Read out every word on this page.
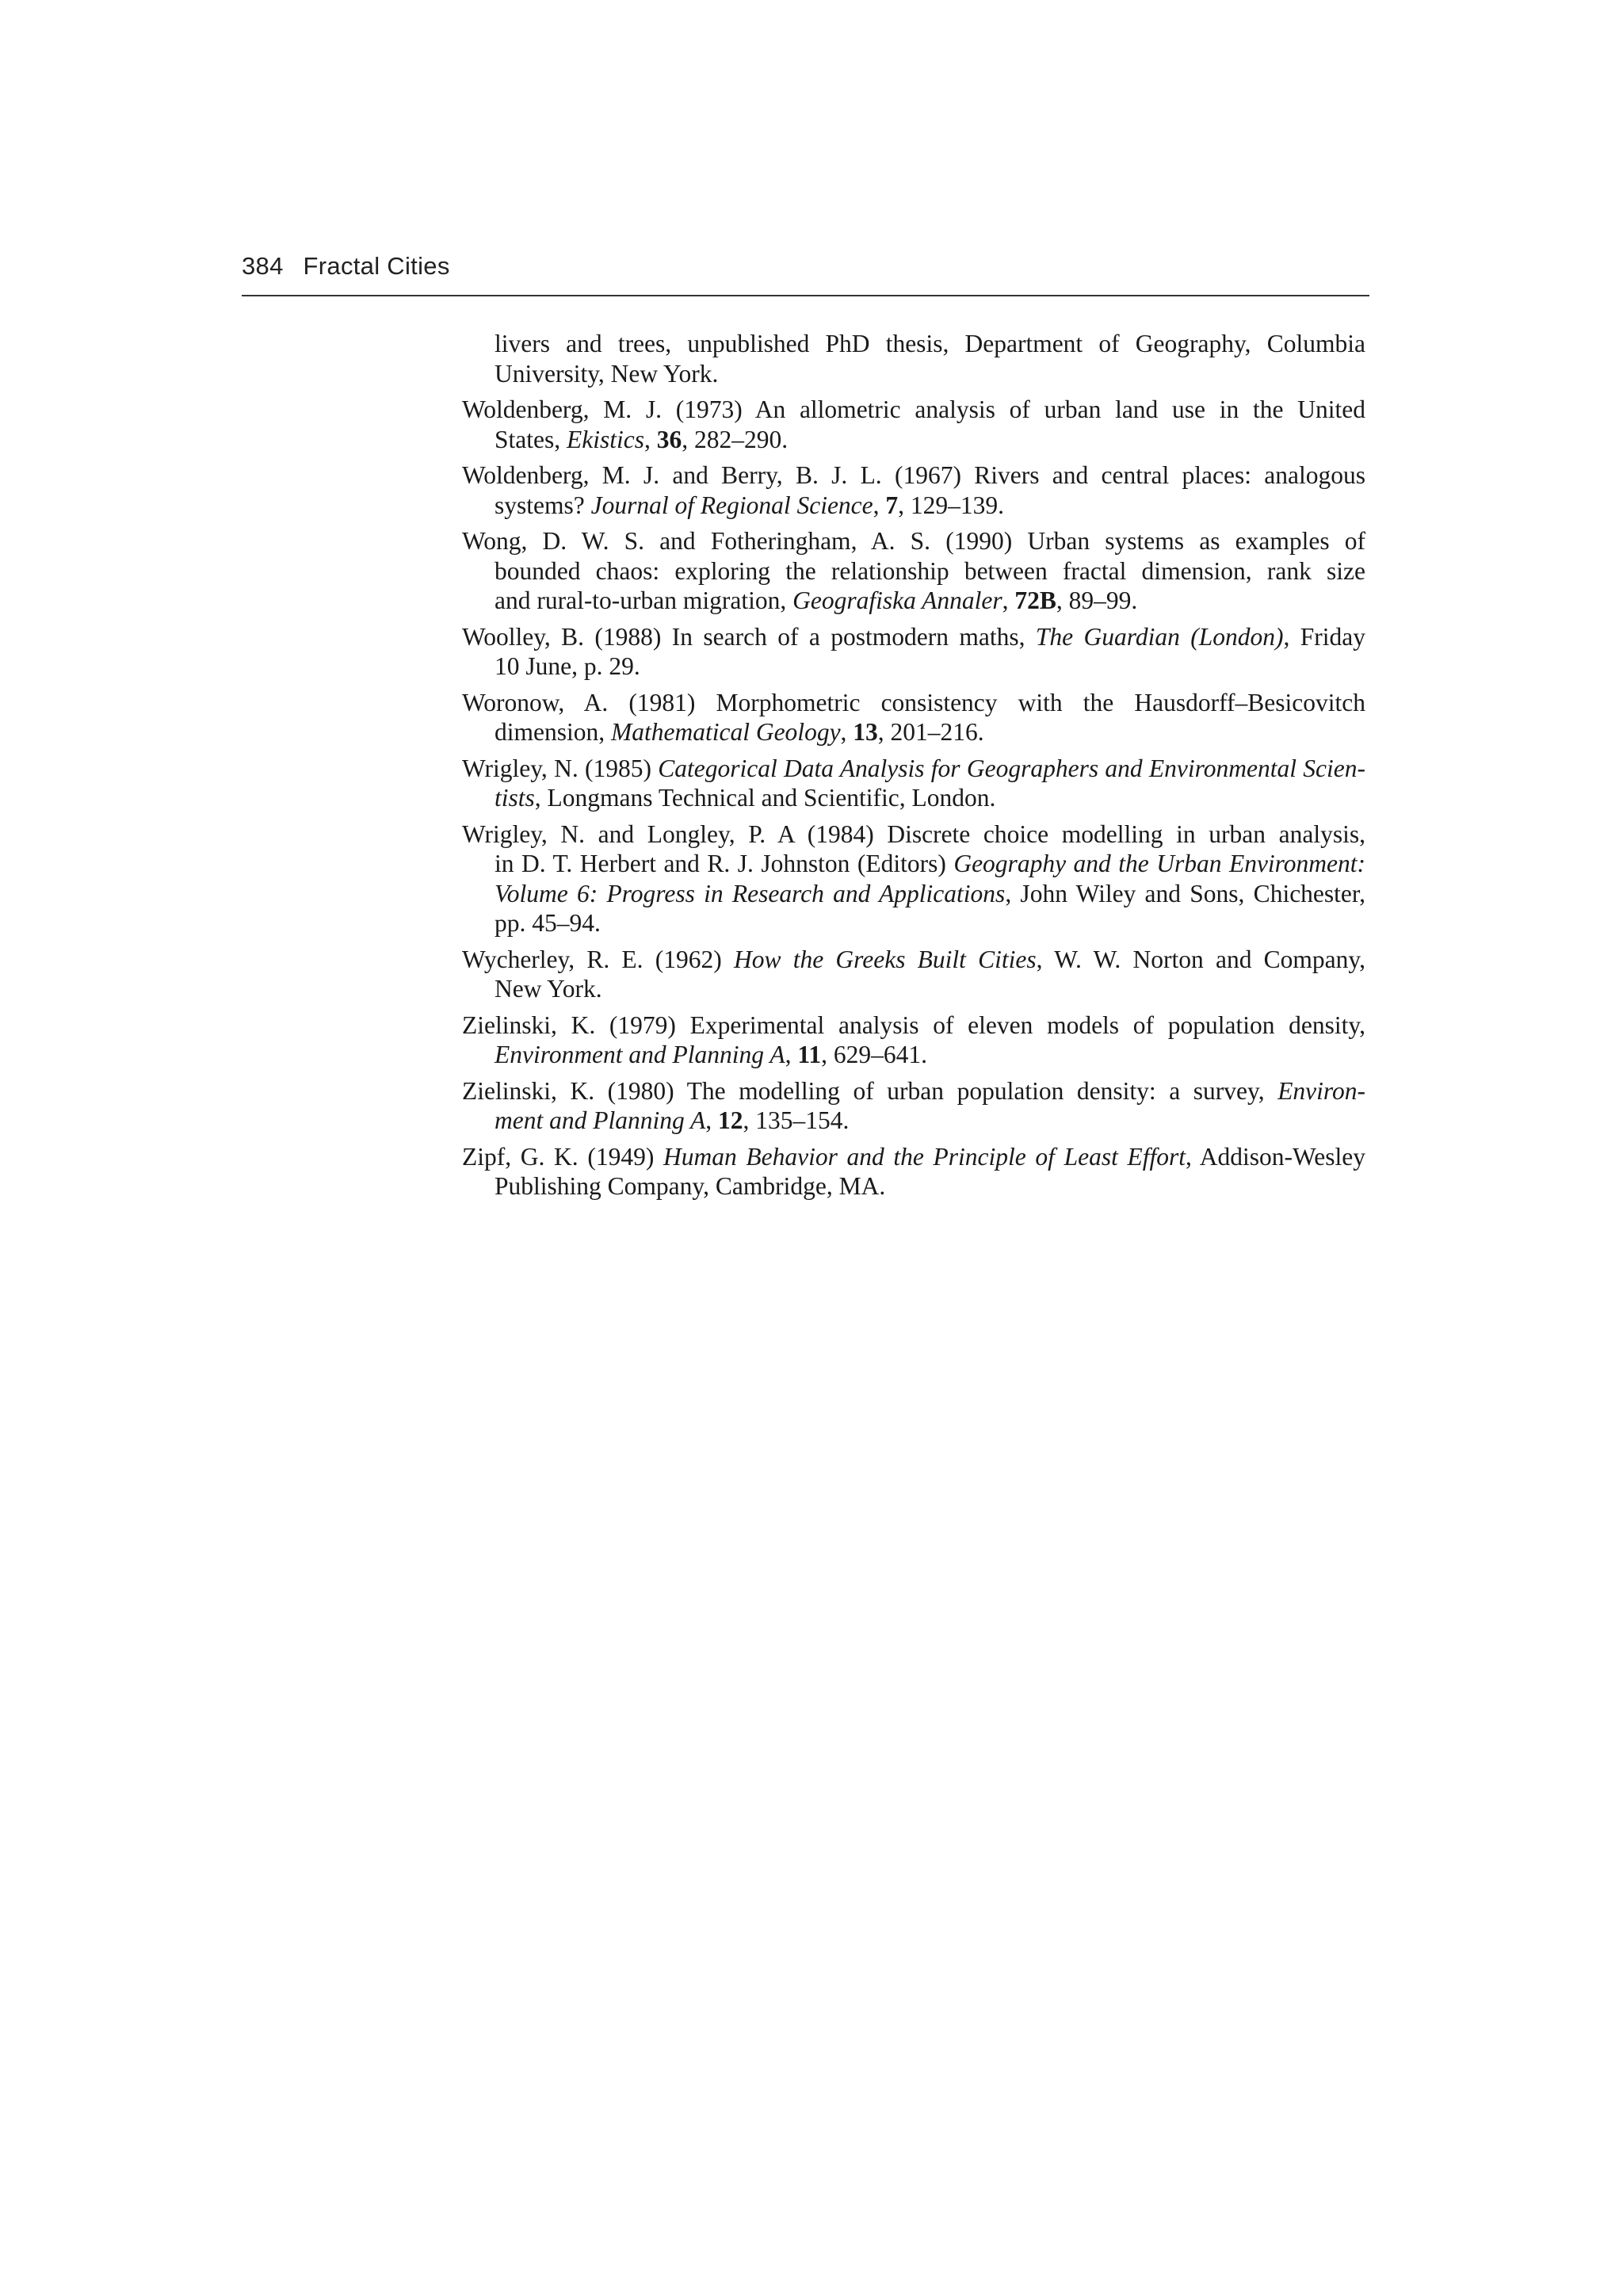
384 Fractal Cities
livers and trees, unpublished PhD thesis, Department of Geography, Columbia
University, New York.
Woldenberg, M. J. (1973) An allometric analysis of urban land use in the United
States, Ekistics, 36, 282–290.
Woldenberg, M. J. and Berry, B. J. L. (1967) Rivers and central places: analogous
systems? Journal of Regional Science, 7, 129–139.
Wong, D. W. S. and Fotheringham, A. S. (1990) Urban systems as examples of
bounded chaos: exploring the relationship between fractal dimension, rank size
and rural-to-urban migration, Geografiska Annaler, 72B, 89–99.
Woolley, B. (1988) In search of a postmodern maths, The Guardian (London), Friday
10 June, p. 29.
Woronow, A. (1981) Morphometric consistency with the Hausdorff–Besicovitch
dimension, Mathematical Geology, 13, 201–216.
Wrigley, N. (1985) Categorical Data Analysis for Geographers and Environmental Scien-
tists, Longmans Technical and Scientific, London.
Wrigley, N. and Longley, P. A (1984) Discrete choice modelling in urban analysis,
in D. T. Herbert and R. J. Johnston (Editors) Geography and the Urban Environment:
Volume 6: Progress in Research and Applications, John Wiley and Sons, Chichester,
pp. 45–94.
Wycherley, R. E. (1962) How the Greeks Built Cities, W. W. Norton and Company,
New York.
Zielinski, K. (1979) Experimental analysis of eleven models of population density,
Environment and Planning A, 11, 629–641.
Zielinski, K. (1980) The modelling of urban population density: a survey, Environ-
ment and Planning A, 12, 135–154.
Zipf, G. K. (1949) Human Behavior and the Principle of Least Effort, Addison-Wesley
Publishing Company, Cambridge, MA.
